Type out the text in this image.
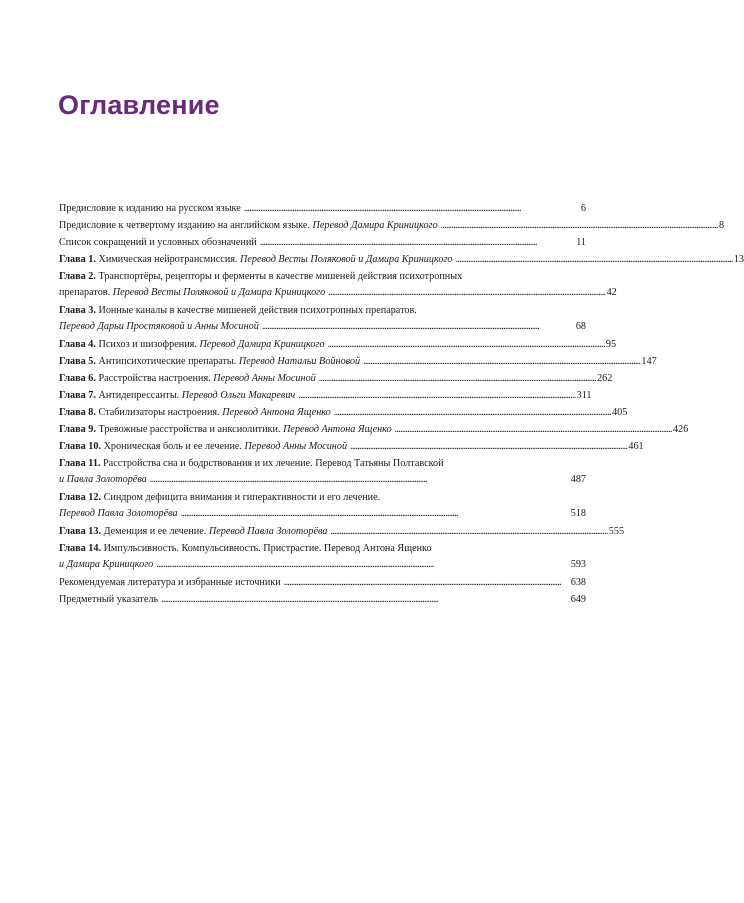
Оглавление
Предисловие к изданию на русском языке . . .	6
Предисловие к четвертому изданию на английском языке. Перевод Дамира Криницкого . . .	8
Список сокращений и условных обозначений . . .	11
Глава 1. Химическая нейротрансмиссия. Перевод Весты Поляковой и Дамира Криницкого . . .	13
Глава 2. Транспортёры, рецепторы и ферменты в качестве мишеней действия психотропных
препаратов. Перевод Весты Поляковой и Дамира Криницкого . . .	42
Глава 3. Ионные каналы в качестве мишеней действия психотропных препаратов.
Перевод Дарьи Простяковой и Анны Мосиной . . .	68
Глава 4. Психоз и шизофрения. Перевод Дамира Криницкого . . .	95
Глава 5. Антипсихотические препараты. Перевод Натальи Войновой . . .	147
Глава 6. Расстройства настроения. Перевод Анны Мосиной . . .	262
Глава 7. Антидепрессанты. Перевод Ольги Макаревич . . .	311
Глава 8. Стабилизаторы настроения. Перевод Антона Ященко . . .	405
Глава 9. Тревожные расстройства и анксиолитики. Перевод Антона Ященко . . .	426
Глава 10. Хроническая боль и ее лечение. Перевод Анны Мосиной . . .	461
Глава 11. Расстройства сна и бодрствования и их лечение. Перевод Татьяны Полтавской
и Павла Золоторёва . . .	487
Глава 12. Синдром дефицита внимания и гиперактивности и его лечение.
Перевод Павла Золоторёва . . .	518
Глава 13. Деменция и ее лечение. Перевод Павла Золоторёва . . .	555
Глава 14. Импульсивность. Компульсивность. Пристрастие. Перевод Антона Ященко
и Дамира Криницкого . . .	593
Рекомендуемая литература и избранные источники . . .	638
Предметный указатель . . .	649
